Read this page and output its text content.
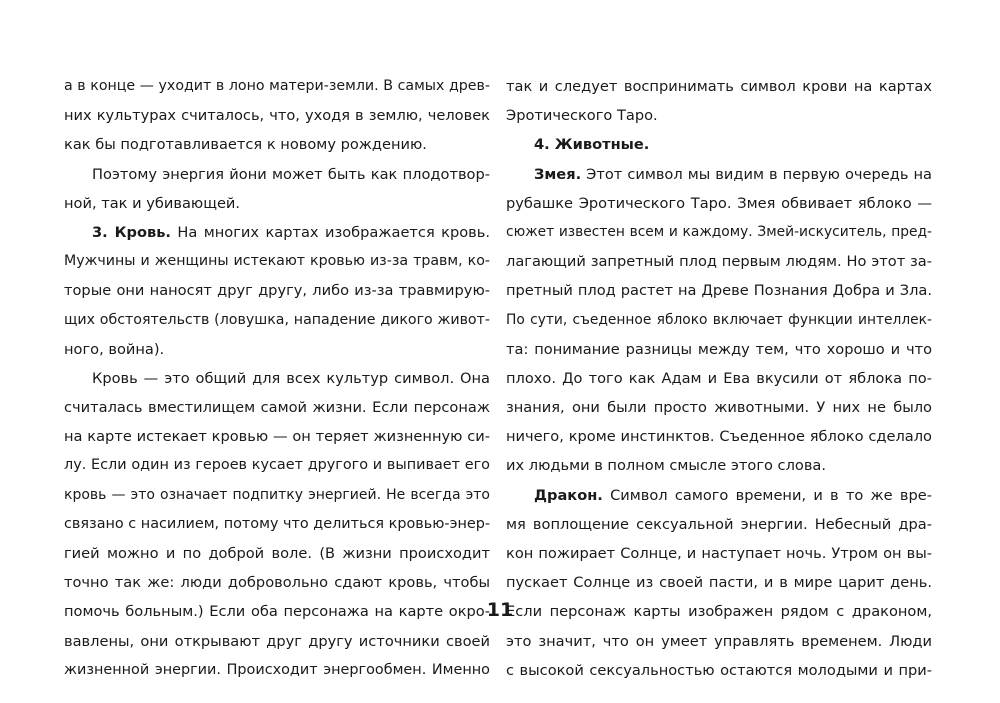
а в конце — уходит в лоно матери-земли. В самых древ-
них культурах считалось, что, уходя в землю, человек
как бы подготавливается к новому рождению.
Поэтому энергия йони может быть как плодотвор-
ной, так и убивающей.
3. Кровь. На многих картах изображается кровь.
Мужчины и женщины истекают кровью из-за травм, ко-
торые они наносят друг другу, либо из-за травмирую-
щих обстоятельств (ловушка, нападение дикого живот-
ного, война).
Кровь — это общий для всех культур символ. Она
считалась вместилищем самой жизни. Если персонаж
на карте истекает кровью — он теряет жизненную си-
лу. Если один из героев кусает другого и выпивает его
кровь — это означает подпитку энергией. Не всегда это
связано с насилием, потому что делиться кровью-энер-
гией можно и по доброй воле. (В жизни происходит
точно так же: люди добровольно сдают кровь, чтобы
помочь больным.) Если оба персонажа на карте окро-
вавлены, они открывают друг другу источники своей
жизненной энергии. Происходит энергообмен. Именно
так и следует воспринимать символ крови на картах
Эротического Таро.
4. Животные.
Змея. Этот символ мы видим в первую очередь на
рубашке Эротического Таро. Змея обвивает яблоко —
сюжет известен всем и каждому. Змей-искуситель, пред-
лагающий запретный плод первым людям. Но этот за-
претный плод растет на Древе Познания Добра и Зла.
По сути, съеденное яблоко включает функции интеллек-
та: понимание разницы между тем, что хорошо и что
плохо. До того как Адам и Ева вкусили от яблока по-
знания, они были просто животными. У них не было
ничего, кроме инстинктов. Съеденное яблоко сделало
их людьми в полном смысле этого слова.
Дракон. Символ самого времени, и в то же вре-
мя воплощение сексуальной энергии. Небесный дра-
кон пожирает Солнце, и наступает ночь. Утром он вы-
пускает Солнце из своей пасти, и в мире царит день.
Если персонаж карты изображен рядом с драконом,
это значит, что он умеет управлять временем. Люди
с высокой сексуальностью остаются молодыми и при-
11
